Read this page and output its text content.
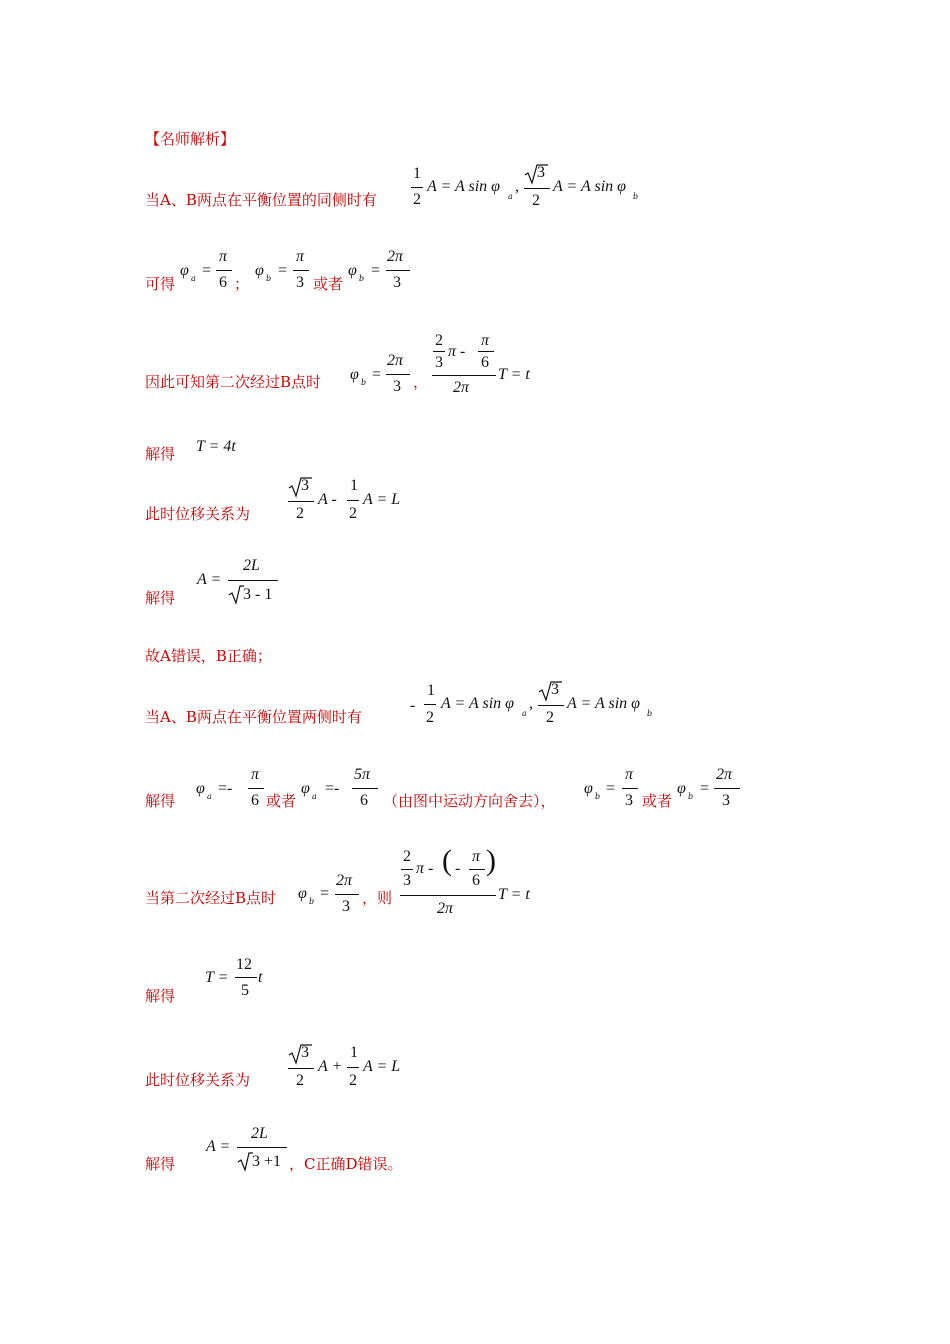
【名师解析】
当A、B两点在平衡位置的同侧时有
1
2
A = A sin φ
a
,
3
2
A = A sin φ
b
可得
φ a =
π
6 ；
φ b =
π
3 或者
φ b =
2π
3
因此可知第二次经过B点时 φ b =
2π
3 ，
2
3
π -
π
6
2π
T = t
解得 T = 4t
此时位移关系为
3
2
A -
1
2
A = L
解得
A =
2L
3 - 1
故A错误，B正确；
当A、B两点在平衡位置两侧时有
-
1
2
A = A sin φ
a
,
3
2
A = A sin φ
b
解得
φ a =-
π
6 或者
φ a =-
5π
6 （由图中运动方向舍去），
φ b =
π
3 或者
φ b =
2π
3
当第二次经过B点时 φ b =
2π
3 ，则
2
3
π - ( -
π
6
)
2π
T = t
解得
T =
12
5
t
此时位移关系为
3
2
A +
1
2
A = L
解得
A =
2L
3 +1 ，C正确D错误。
